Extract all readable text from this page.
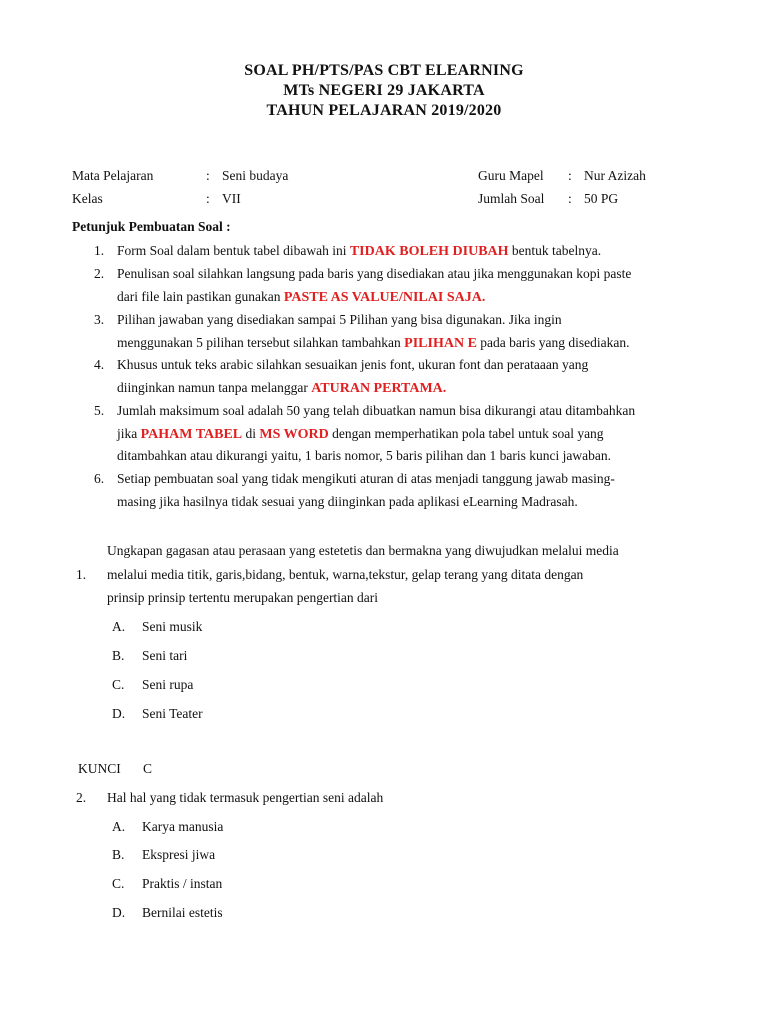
SOAL PH/PTS/PAS CBT ELEARNING
MTs NEGERI 29 JAKARTA
TAHUN PELAJARAN 2019/2020
Mata Pelajaran	: Seni budaya	Guru Mapel : Nur Azizah
Kelas	: VII	Jumlah Soal : 50 PG
Petunjuk Pembuatan Soal :
1. Form Soal dalam bentuk tabel dibawah ini TIDAK BOLEH DIUBAH bentuk tabelnya.
2. Penulisan soal silahkan langsung pada baris yang disediakan atau jika menggunakan kopi paste
dari file lain pastikan gunakan PASTE AS VALUE/NILAI SAJA.
3. Pilihan jawaban yang disediakan sampai 5 Pilihan yang bisa digunakan. Jika ingin
menggunakan 5 pilihan tersebut silahkan tambahkan PILIHAN E pada baris yang disediakan.
4. Khusus untuk teks arabic silahkan sesuaikan jenis font, ukuran font dan perataaan yang
diinginkan namun tanpa melanggar ATURAN PERTAMA.
5. Jumlah maksimum soal adalah 50 yang telah dibuatkan namun bisa dikurangi atau ditambahkan
jika PAHAM TABEL di MS WORD dengan memperhatikan pola tabel untuk soal yang
ditambahkan atau dikurangi yaitu, 1 baris nomor, 5 baris pilihan dan 1 baris kunci jawaban.
6. Setiap pembuatan soal yang tidak mengikuti aturan di atas menjadi tanggung jawab masing-
masing jika hasilnya tidak sesuai yang diinginkan pada aplikasi eLearning Madrasah.
1.
Ungkapan gagasan atau perasaan yang estetetis dan bermakna yang diwujudkan melalui media
melalui media titik, garis,bidang, bentuk, warna,tekstur, gelap terang yang ditata dengan
prinsip prinsip tertentu merupakan pengertian dari
A. Seni musik
B. Seni tari
C. Seni rupa
D. Seni Teater
KUNCI C
2. Hal hal yang tidak termasuk pengertian seni adalah
A. Karya manusia
B. Ekspresi jiwa
C. Praktis / instan
D. Bernilai estetis
